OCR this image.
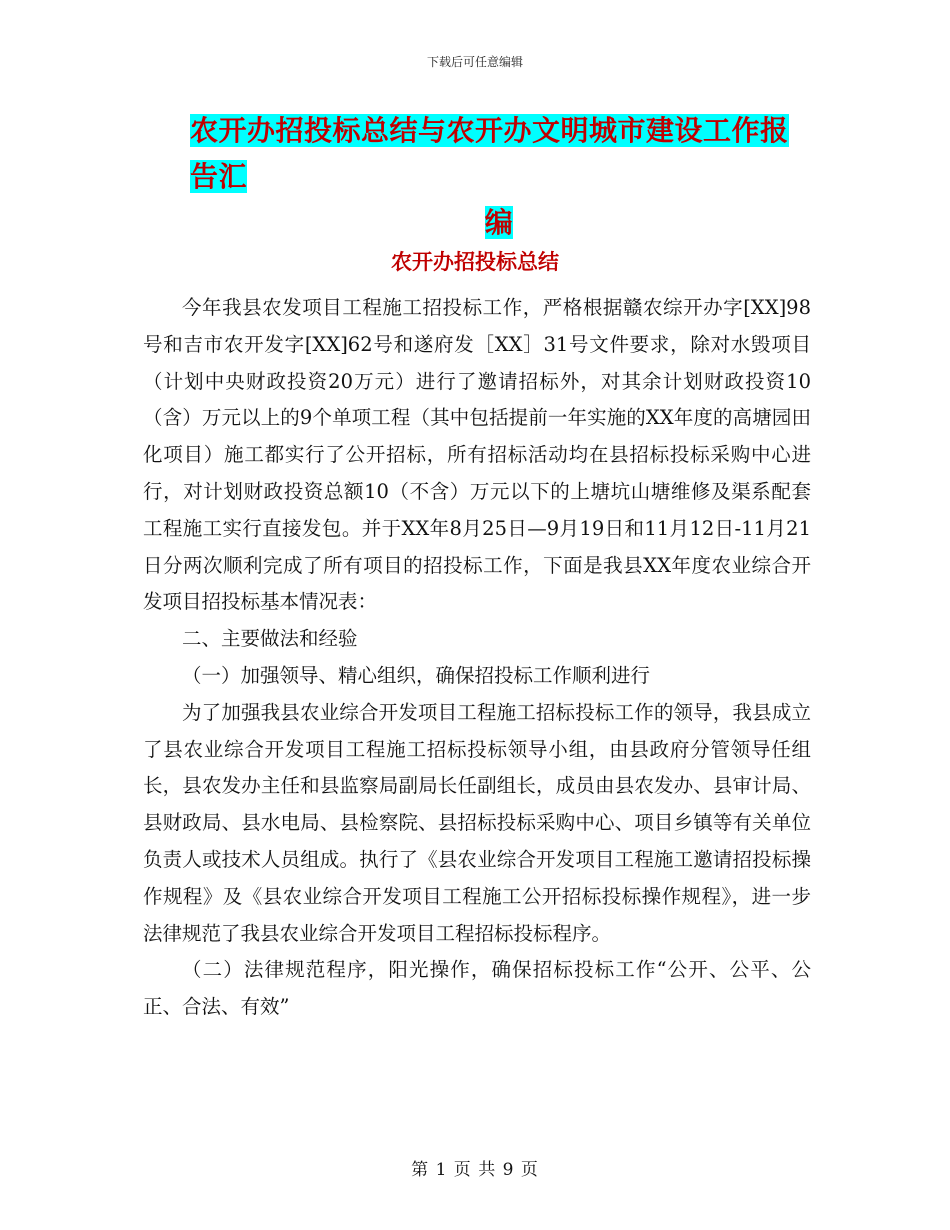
下载后可任意编辑
农开办招投标总结与农开办文明城市建设工作报告汇
编
农开办招投标总结

今年我县农发项目工程施工招投标工作，严格根据赣农综开办字[XX]98号和吉市农开发字[XX]62号和遂府发［XX］31号文件要求，除对水毁项目（计划中央财政投资20万元）进行了邀请招标外，对其余计划财政投资10（含）万元以上的9个单项工程（其中包括提前一年实施的XX年度的高塘园田化项目）施工都实行了公开招标，所有招标活动均在县招标投标采购中心进行，对计划财政投资总额10（不含）万元以下的上塘坑山塘维修及渠系配套工程施工实行直接发包。并于XX年8月25日—9月19日和11月12日-11月21日分两次顺利完成了所有项目的招投标工作，下面是我县XX年度农业综合开发项目招投标基本情况表：

二、主要做法和经验

（一）加强领导、精心组织，确保招投标工作顺利进行

为了加强我县农业综合开发项目工程施工招标投标工作的领导，我县成立了县农业综合开发项目工程施工招标投标领导小组，由县政府分管领导任组长，县农发办主任和县监察局副局长任副组长，成员由县农发办、县审计局、县财政局、县水电局、县检察院、县招标投标采购中心、项目乡镇等有关单位负责人或技术人员组成。执行了《县农业综合开发项目工程施工邀请招投标操作规程》及《县农业综合开发项目工程施工公开招标投标操作规程》，进一步法律规范了我县农业综合开发项目工程招标投标程序。

（二）法律规范程序，阳光操作，确保招标投标工作“公开、公平、公正、合法、有效”

第 1 页 共 9 页
